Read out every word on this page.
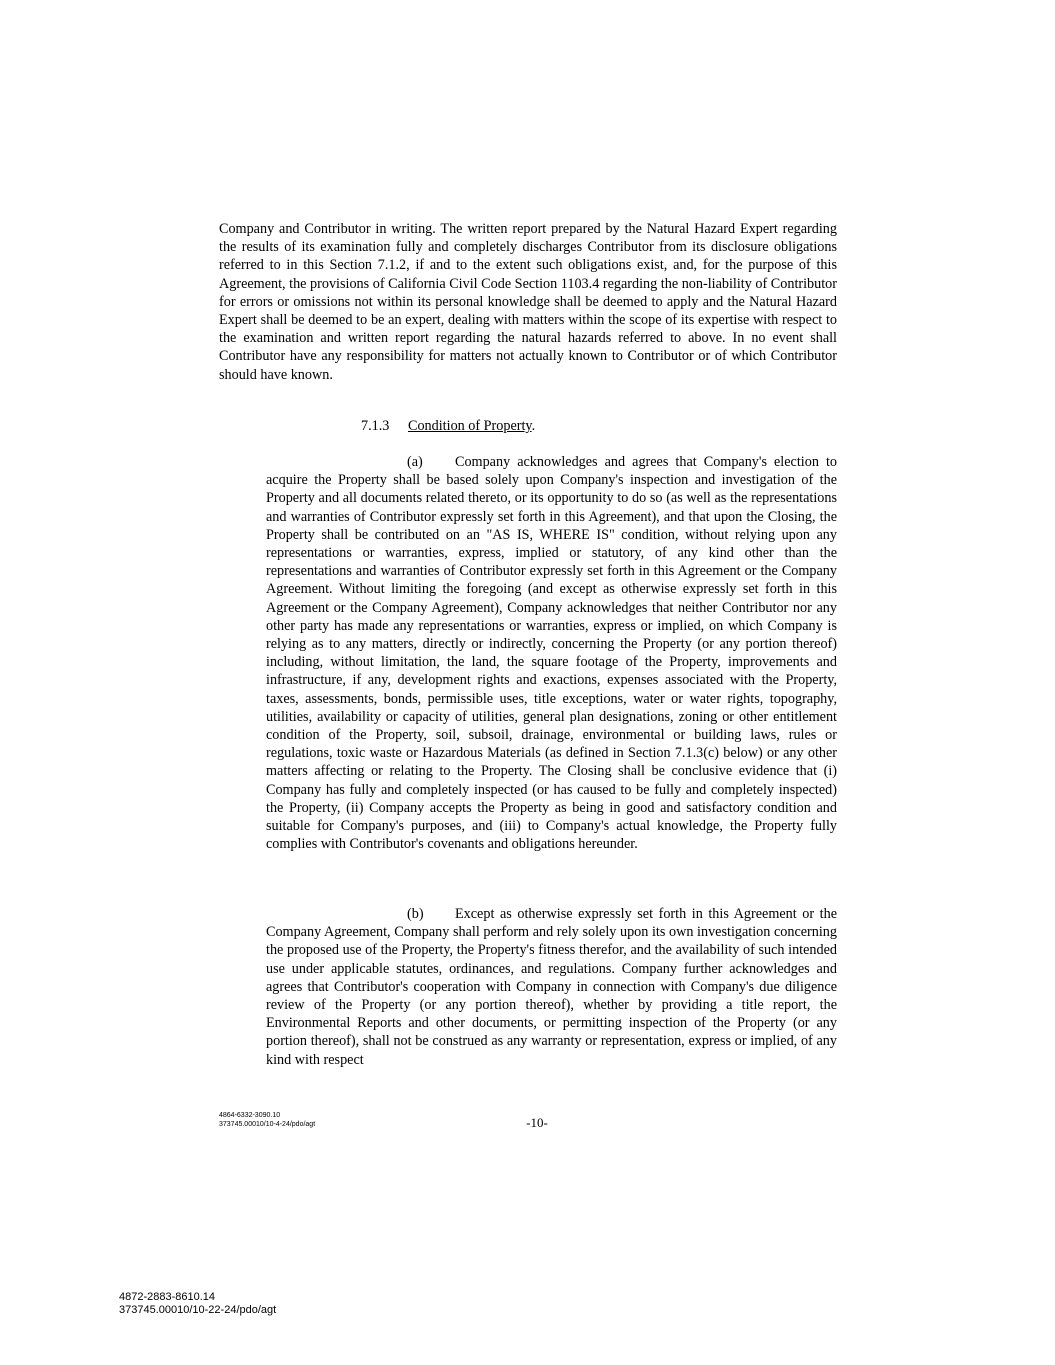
Company and Contributor in writing. The written report prepared by the Natural Hazard Expert regarding the results of its examination fully and completely discharges Contributor from its disclosure obligations referred to in this Section 7.1.2, if and to the extent such obligations exist, and, for the purpose of this Agreement, the provisions of California Civil Code Section 1103.4 regarding the non-liability of Contributor for errors or omissions not within its personal knowledge shall be deemed to apply and the Natural Hazard Expert shall be deemed to be an expert, dealing with matters within the scope of its expertise with respect to the examination and written report regarding the natural hazards referred to above. In no event shall Contributor have any responsibility for matters not actually known to Contributor or of which Contributor should have known.
7.1.3 Condition of Property.
(a) Company acknowledges and agrees that Company's election to acquire the Property shall be based solely upon Company's inspection and investigation of the Property and all documents related thereto, or its opportunity to do so (as well as the representations and warranties of Contributor expressly set forth in this Agreement), and that upon the Closing, the Property shall be contributed on an "AS IS, WHERE IS" condition, without relying upon any representations or warranties, express, implied or statutory, of any kind other than the representations and warranties of Contributor expressly set forth in this Agreement or the Company Agreement. Without limiting the foregoing (and except as otherwise expressly set forth in this Agreement or the Company Agreement), Company acknowledges that neither Contributor nor any other party has made any representations or warranties, express or implied, on which Company is relying as to any matters, directly or indirectly, concerning the Property (or any portion thereof) including, without limitation, the land, the square footage of the Property, improvements and infrastructure, if any, development rights and exactions, expenses associated with the Property, taxes, assessments, bonds, permissible uses, title exceptions, water or water rights, topography, utilities, availability or capacity of utilities, general plan designations, zoning or other entitlement condition of the Property, soil, subsoil, drainage, environmental or building laws, rules or regulations, toxic waste or Hazardous Materials (as defined in Section 7.1.3(c) below) or any other matters affecting or relating to the Property. The Closing shall be conclusive evidence that (i) Company has fully and completely inspected (or has caused to be fully and completely inspected) the Property, (ii) Company accepts the Property as being in good and satisfactory condition and suitable for Company's purposes, and (iii) to Company's actual knowledge, the Property fully complies with Contributor's covenants and obligations hereunder.
(b) Except as otherwise expressly set forth in this Agreement or the Company Agreement, Company shall perform and rely solely upon its own investigation concerning the proposed use of the Property, the Property's fitness therefor, and the availability of such intended use under applicable statutes, ordinances, and regulations. Company further acknowledges and agrees that Contributor's cooperation with Company in connection with Company's due diligence review of the Property (or any portion thereof), whether by providing a title report, the Environmental Reports and other documents, or permitting inspection of the Property (or any portion thereof), shall not be construed as any warranty or representation, express or implied, of any kind with respect
4864-6332-3090.10
373745.00010/10-4-24/pdo/agt	-10-
4872-2883-8610.14
373745.00010/10-22-24/pdo/agt
